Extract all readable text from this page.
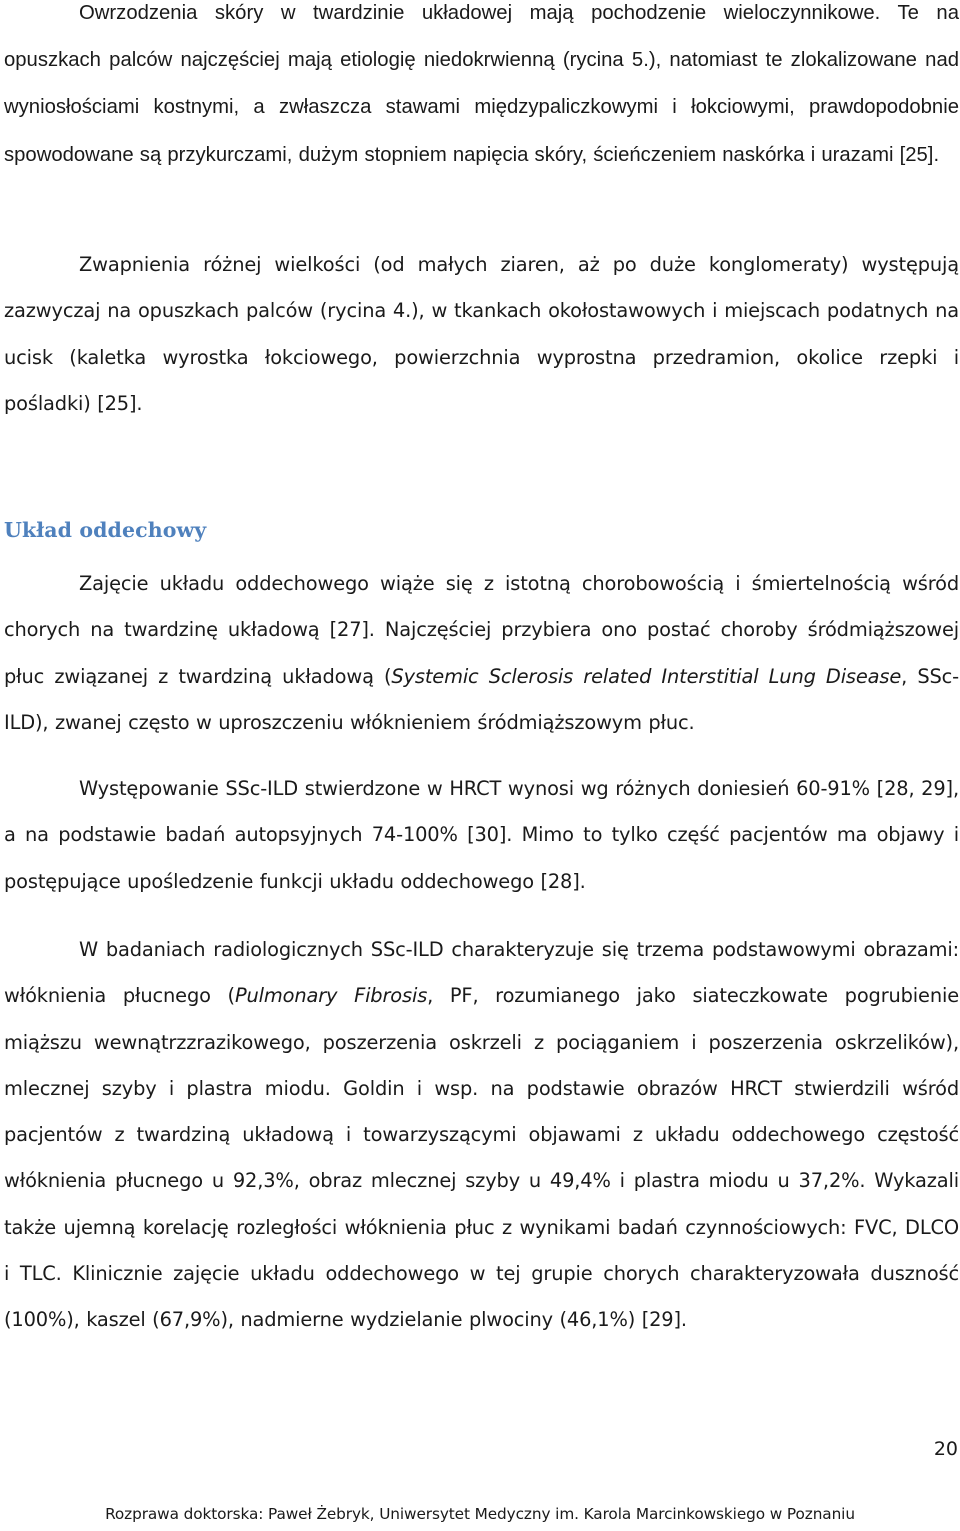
Owrzodzenia skóry w twardzinie układowej mają pochodzenie wieloczynnikowe. Te na opuszkach palców najczęściej mają etiologię niedokrwienną (rycina 5.), natomiast te zlokalizowane nad wyniosłościami kostnymi, a zwłaszcza stawami międzypaliczkowymi i łokciowymi, prawdopodobnie spowodowane są przykurczami, dużym stopniem napięcia skóry, ścieńczeniem naskórka i urazami [25].

Zwapnienia różnej wielkości (od małych ziaren, aż po duże konglomeraty) występują zazwyczaj na opuszkach palców (rycina 4.), w tkankach okołostawowych i miejscach podatnych na ucisk (kaletka wyrostka łokciowego, powierzchnia wyprostna przedramion, okolice rzepki i pośladki) [25].

Układ oddechowy

Zajęcie układu oddechowego wiąże się z istotną chorobowością i śmiertelnością wśród chorych na twardzinę układową [27]. Najczęściej przybiera ono postać choroby śródmiąższowej płuc związanej z twardziną układową (Systemic Sclerosis related Interstitial Lung Disease, SSc-ILD), zwanej często w uproszczeniu włóknieniem śródmiąższowym płuc.

Występowanie SSc-ILD stwierdzone w HRCT wynosi wg różnych doniesień 60-91% [28, 29], a na podstawie badań autopsyjnych 74-100% [30]. Mimo to tylko część pacjentów ma objawy i postępujące upośledzenie funkcji układu oddechowego [28].

W badaniach radiologicznych SSc-ILD charakteryzuje się trzema podstawowymi obrazami: włóknienia płucnego (Pulmonary Fibrosis, PF, rozumianego jako siateczkowate pogrubienie miąższu wewnątrzzrazikowego, poszerzenia oskrzeli z pociąganiem i poszerzenia oskrzelików), mlecznej szyby i plastra miodu. Goldin i wsp. na podstawie obrazów HRCT stwierdzili wśród pacjentów z twardziną układową i towarzyszącymi objawami z układu oddechowego częstość włóknienia płucnego u 92,3%, obraz mlecznej szyby u 49,4% i plastra miodu u 37,2%. Wykazali także ujemną korelację rozległości włóknienia płuc z wynikami badań czynnościowych: FVC, DLCO i TLC. Klinicznie zajęcie układu oddechowego w tej grupie chorych charakteryzowała duszność (100%), kaszel (67,9%), nadmierne wydzielanie plwociny (46,1%) [29].

20
Rozprawa doktorska: Paweł Żebryk, Uniwersytet Medyczny im. Karola Marcinkowskiego w Poznaniu
